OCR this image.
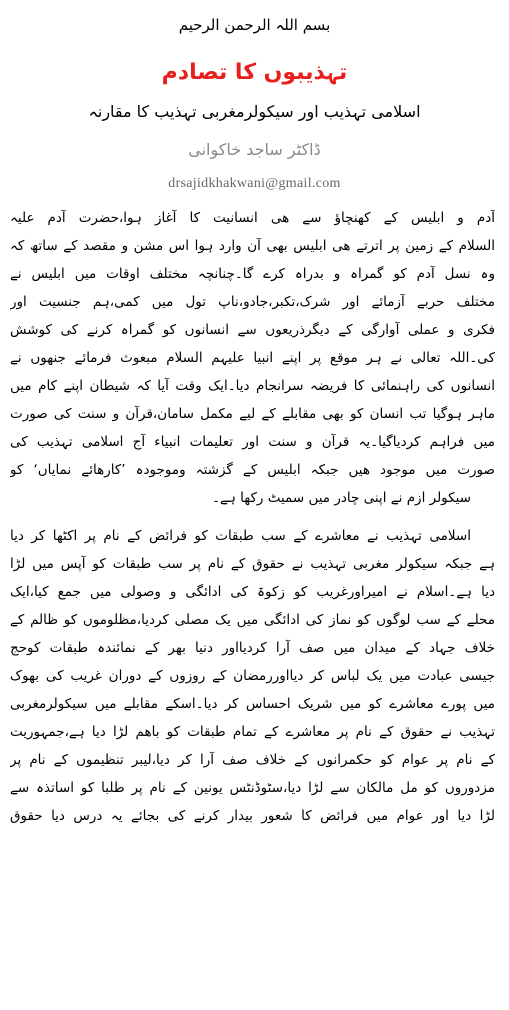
بسم اللہ الرحمن الرحیم
تہذیبوں کا تصادم
اسلامی تہذیب اور سیکولرمغربی تہذیب کا مقارنہ
ڈاکٹر ساجد خاکوانی
drsajidkhakwani@gmail.com
آدم و ابلیس کے کھنچاؤ سے ھی انسانیت کا آغاز ہوا،حضرت آدم علیہ
السلام کے زمین پر اترتے ھی ابلیس بھی آن وارد ہوا اس مشن و مقصد کے ساتھ کہ
وہ نسل آدم کو گمراہ و بدراہ کرے گا۔چنانچہ مختلف اوقات میں ابلیس نے
مختلف حربے آزمائے اور شرک،تکبر،جادو،ناپ تول میں کمی،ہم جنسیت اور
فکری و عملی آوارگی کے دیگرذریعوں سے انسانوں کو گمراہ کرنے کی کوشش
کی۔اللہ تعالی نے ہر موقع پر اپنے انبیا علیہم السلام مبعوث فرمائے جنھوں نے
انسانوں کی راہنمائی کا فریضہ سرانجام دیا۔ایک وقت آیا کہ شیطان اپنے کام میں
ماہر ہوگیا تب انسان کو بھی مقابلے کے لیے مکمل سامان،قرآن و سنت کی صورت
میں فراہم کردیاگیا۔یہ قرآن و سنت اور تعلیمات انبیاء آج اسلامی تہذیب کی
صورت میں موجود ھیں جبکہ ابلیس کے گزشتہ وموجودہ ’کارھائے نمایاں‘ کو
سیکولر ازم نے اپنی چادر میں سمیٹ رکھا ہے۔
اسلامی تہذیب نے معاشرے کے سب طبقات کو فرائض کے نام پر اکٹھا کر دیا
ہے جبکہ سیکولر مغربی تہذیب نے حقوق کے نام پر سب طبقات کو آپس میں لڑا
دیا ہے۔اسلام نے امیراورغریب کو زکوۃ کی ادائگی و وصولی میں جمع کیا،ایک
محلے کے سب لوگوں کو نماز کی ادائگی میں یک مصلی کردیا،مظلوموں کو ظالم کے
خلاف جہاد کے میدان میں صف آرا کردیااور دنیا بھر کے نمائندہ طبقات کوحج
جیسی عبادت میں یک لباس کر دیااوررمضان کے روزوں کے دوران غریب کی بھوک
میں پورے معاشرے کو میں شریک احساس کر دیا۔اسکے مقابلے میں سیکولرمغربی
تہذیب نے حقوق کے نام پر معاشرے کے تمام طبقات کو باھم لڑا دیا ہے،جمہوریت
کے نام پر عوام کو حکمرانوں کے خلاف صف آرا کر دیا،لیبر تنظیموں کے نام پر
مزدوروں کو مل مالکان سے لڑا دیا،سٹوڈنٹس یونین کے نام پر طلبا کو اساتذہ سے
لڑا دیا اور عوام میں فرائض کا شعور بیدار کرنے کی بجائے یہ درس دیا حقوق
